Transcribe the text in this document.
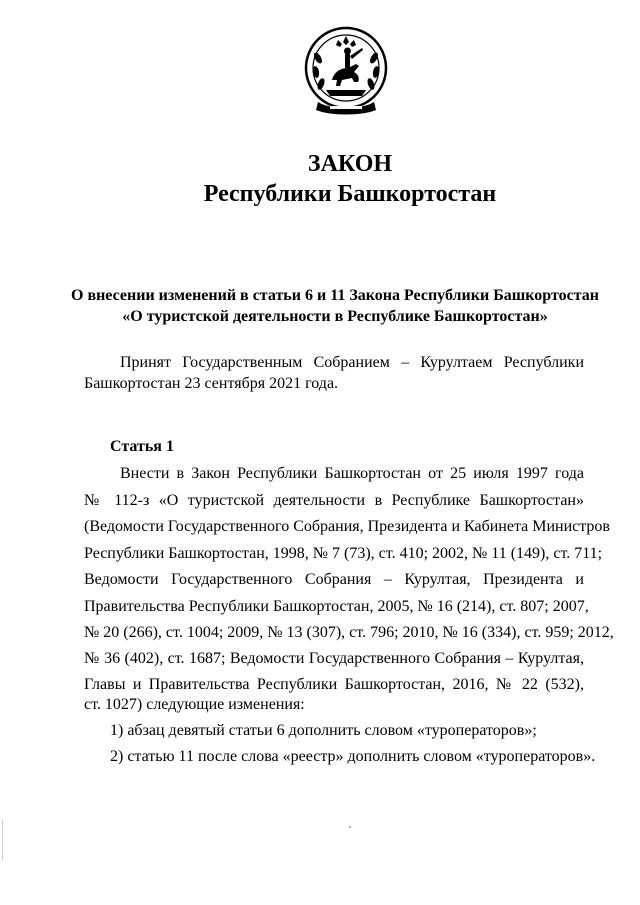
ЗАКОН
Республики Башкортостан

О внесении изменений в статьи 6 и 11 Закона Республики Башкортостан

«О туристской деятельности в Республике Башкортостан»

Принят Государственным Собранием – Курултаем Республики

Башкортостан 23 сентября 2021 года.

Статья 1

Внести в Закон Республики Башкортостан от 25 июля 1997 года

№ 112-з «О туристской деятельности в Республике Башкортостан»

(Ведомости Государственного Собрания, Президента и Кабинета Министров

Республики Башкортостан, 1998, № 7 (73), ст. 410; 2002, № 11 (149), ст. 711;

Ведомости Государственного Собрания – Курултая, Президента и

Правительства Республики Башкортостан, 2005, № 16 (214), ст. 807; 2007,

№ 20 (266), ст. 1004; 2009, № 13 (307), ст. 796; 2010, № 16 (334), ст. 959; 2012,

№ 36 (402), ст. 1687; Ведомости Государственного Собрания – Курултая,

Главы и Правительства Республики Башкортостан, 2016, № 22 (532),

ст. 1027) следующие изменения:

1) абзац девятый статьи 6 дополнить словом «туроператоров»;

2) статью 11 после слова «реестр» дополнить словом «туроператоров».
